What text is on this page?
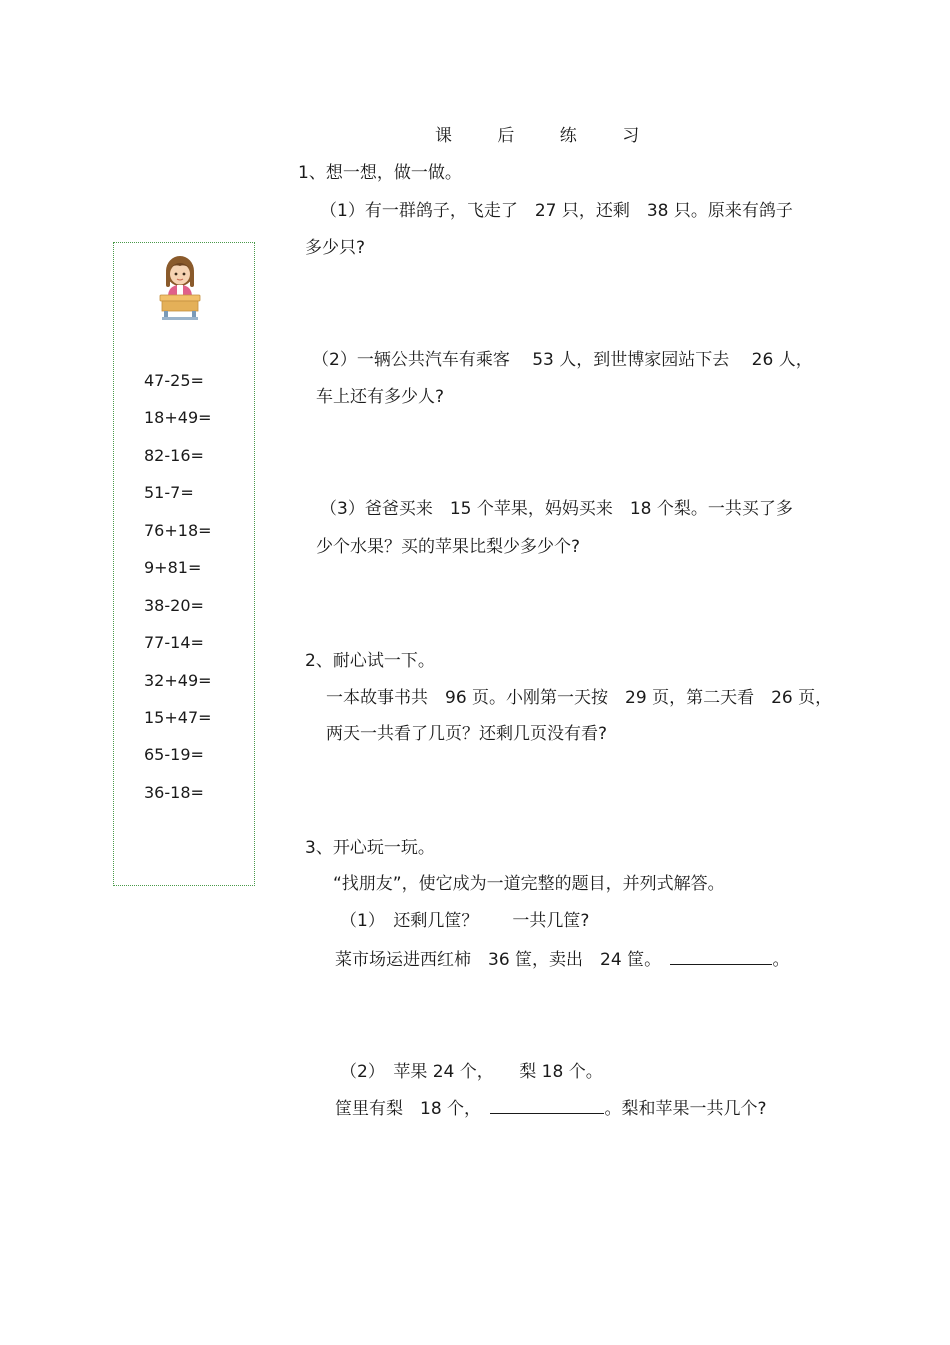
课 后 练 习
47-25=
18+49=
82-16=
51-7=
76+18=
9+81=
38-20=
77-14=
32+49=
15+47=
65-19=
36-18=
1、想一想，做一做。
（1）有一群鸽子，飞走了　27 只，还剩　38 只。原来有鸽子
多少只?
（2）一辆公共汽车有乘客　 53 人，到世博家园站下去　 26 人，
车上还有多少人?
（3）爸爸买来　15 个苹果，妈妈买来　18 个梨。一共买了多
少个水果？买的苹果比梨少多少个?
2、耐心试一下。
一本故事书共　96 页。小刚第一天按　29 页，第二天看　26 页，
两天一共看了几页？还剩几页没有看?
3、开心玩一玩。
“找朋友”，使它成为一道完整的题目，并列式解答。
（1）　还剩几筐？　　一共几筐?
菜市场运进西红柿　36 筐，卖出　24 筐。	。
（2）　苹果 24 个，　　梨 18 个。
筐里有梨　18 个，	。梨和苹果一共几个?
